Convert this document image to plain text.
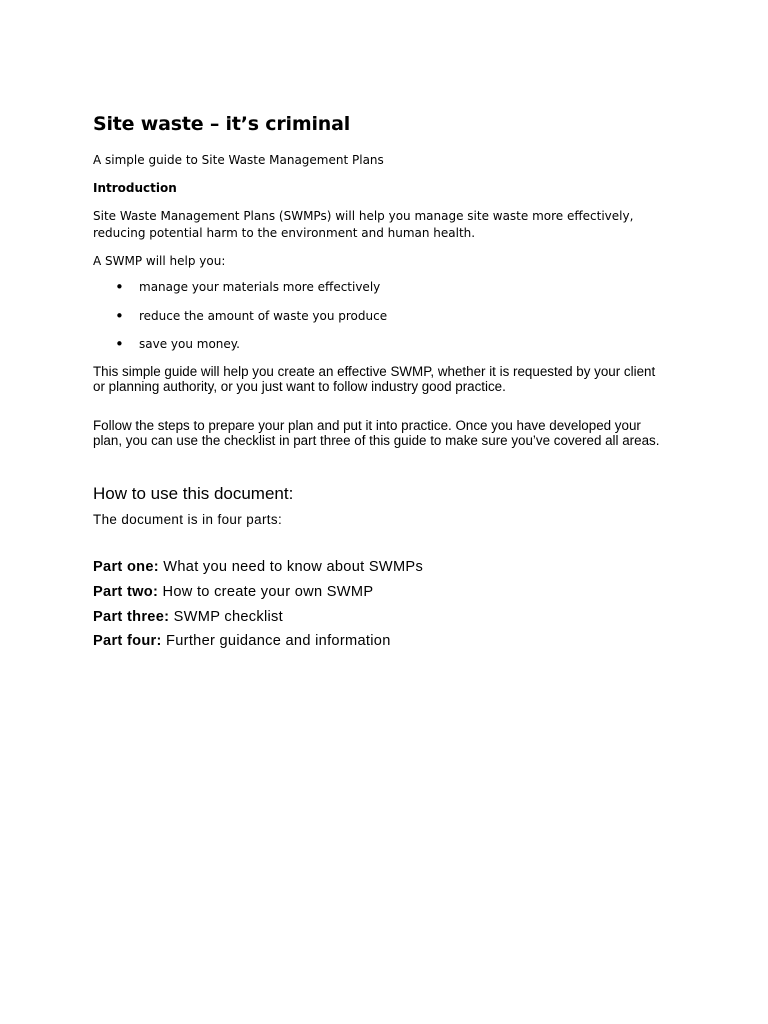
Site waste – it’s criminal

A simple guide to Site Waste Management Plans

Introduction

Site Waste Management Plans (SWMPs) will help you manage site waste more effectively, reducing potential harm to the environment and human health.

A SWMP will help you:

• manage your materials more effectively
• reduce the amount of waste you produce
• save you money.

This simple guide will help you create an effective SWMP, whether it is requested by your client or planning authority, or you just want to follow industry good practice.

Follow the steps to prepare your plan and put it into practice. Once you have developed your plan, you can use the checklist in part three of this guide to make sure you’ve covered all areas.

How to use this document:

The document is in four parts:

Part one: What you need to know about SWMPs
Part two: How to create your own SWMP
Part three: SWMP checklist
Part four: Further guidance and information
